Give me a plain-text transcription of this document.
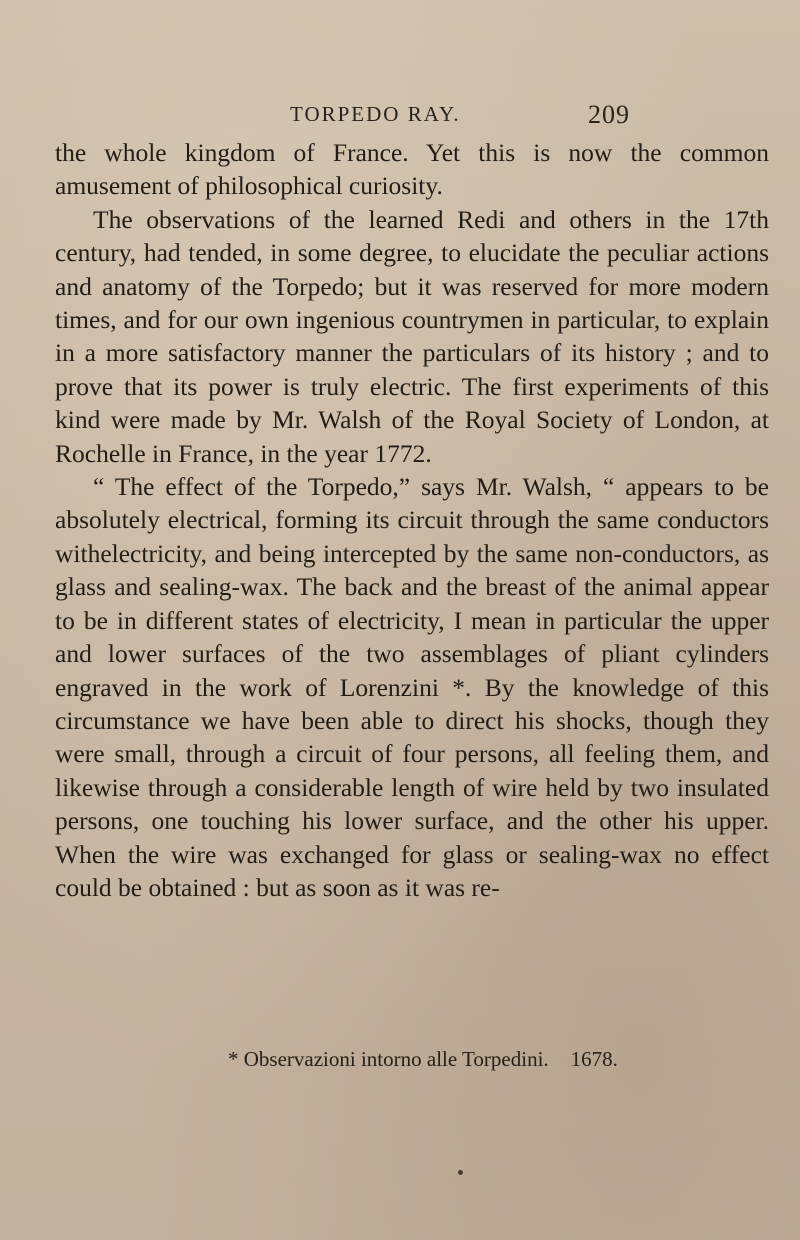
TORPEDO RAY.	209

the whole kingdom of France. Yet this is now the common amusement of philosophical curiosity.

The observations of the learned Redi and others in the 17th century, had tended, in some degree, to elucidate the peculiar actions and anatomy of the Torpedo; but it was reserved for more modern times, and for our own ingenious countrymen in particular, to explain in a more satisfactory manner the particulars of its history ; and to prove that its power is truly electric. The first experiments of this kind were made by Mr. Walsh of the Royal Society of London, at Rochelle in France, in the year 1772.

“ The effect of the Torpedo,” says Mr. Walsh, “ appears to be absolutely electrical, forming its circuit through the same conductors withelectricity, and being intercepted by the same non-conductors, as glass and sealing-wax. The back and the breast of the animal appear to be in different states of electricity, I mean in particular the upper and lower surfaces of the two assemblages of pliant cylinders engraved in the work of Lorenzini *. By the knowledge of this circumstance we have been able to direct his shocks, though they were small, through a circuit of four persons, all feeling them, and likewise through a considerable length of wire held by two insulated persons, one touching his lower surface, and the other his upper. When the wire was exchanged for glass or sealing-wax no effect could be obtained : but as soon as it was re-

* Observazioni intorno alle Torpedini. 1678.
